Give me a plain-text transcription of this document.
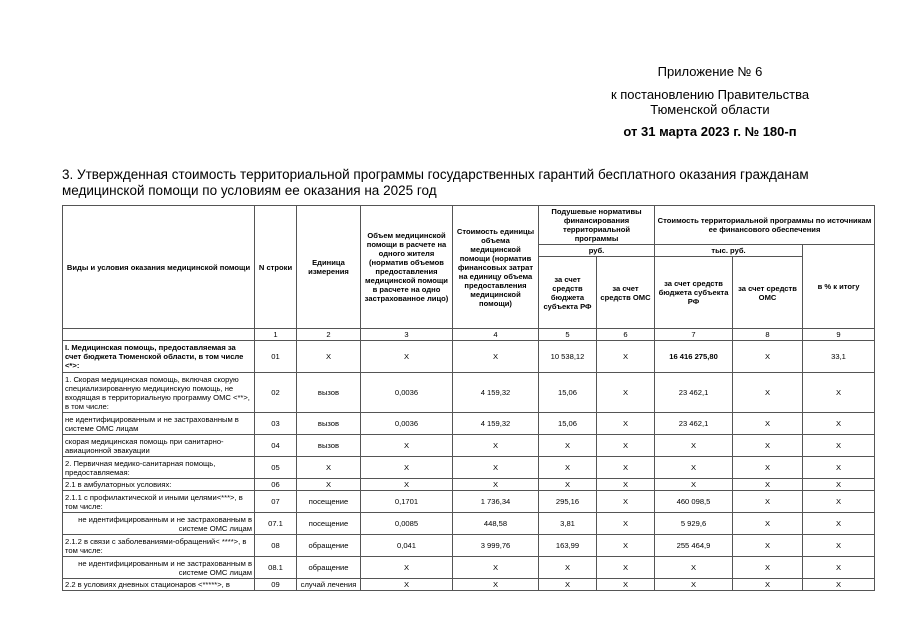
Приложение № 6
к постановлению Правительства
Тюменской области
от 31 марта 2023 г. № 180-п
3. Утвержденная стоимость территориальной программы государственных гарантий бесплатного оказания гражданам медицинской помощи по условиям ее оказания на 2025 год
Виды и условия оказания медицинской помощи	N строки	Единица измерения	Объем медицинской помощи в расчете на одного жителя (норматив объемов предоставления медицинской помощи в расчете на одно застрахованное лицо)	Стоимость единицы объема медицинской помощи (норматив финансовых затрат на единицу объема предоставления медицинской помощи)	Подушевые нормативы финансирования территориальной программы		Стоимость территориальной программы по источникам ее финансового обеспечения		
					руб.		тыс. руб.		в % к итогу
					за счет средств бюджета субъекта РФ	за счет средств ОМС	за счет средств бюджета субъекта РФ	за счет средств ОМС	
	1	2	3	4	5	6	7	8	9
I. Медицинская помощь, предоставляемая за счет бюджета Тюменской области, в том числе <*>:	01	Х	Х	Х	10 538,12	Х	16 416 275,80	Х	33,1
1. Скорая медицинская помощь, включая скорую специализированную медицинскую помощь, не входящая в территориальную программу ОМС <**>, в том числе:	02	вызов	0,0036	4 159,32	15,06	Х	23 462,1	Х	Х
не идентифицированным и не застрахованным в системе ОМС лицам	03	вызов	0,0036	4 159,32	15,06	Х	23 462,1	Х	Х
скорая медицинская помощь при санитарно-авиационной эвакуации	04	вызов	Х	Х	Х	Х	Х	Х	Х
2. Первичная медико-санитарная помощь, предоставляемая:	05	Х	Х	Х	Х	Х	Х	Х	Х
2.1 в амбулаторных условиях:	06	Х	Х	Х	Х	Х	Х	Х	Х
2.1.1 с профилактической и иными целями<***>, в том числе:	07	посещение	0,1701	1 736,34	295,16	Х	460 098,5	Х	Х
не идентифицированным и не застрахованным в системе ОМС лицам	07.1	посещение	0,0085	448,58	3,81	Х	5 929,6	Х	Х
2.1.2 в связи с заболеваниями-обращений< ****>, в том числе:	08	обращение	0,041	3 999,76	163,99	Х	255 464,9	Х	Х
не идентифицированным и не застрахованным в системе ОМС лицам	08.1	обращение	Х	Х	Х	Х	Х	Х	Х
2.2 в условиях дневных стационаров <*****>, в	09	случай лечения	Х	Х	Х	Х	Х	Х	Х
